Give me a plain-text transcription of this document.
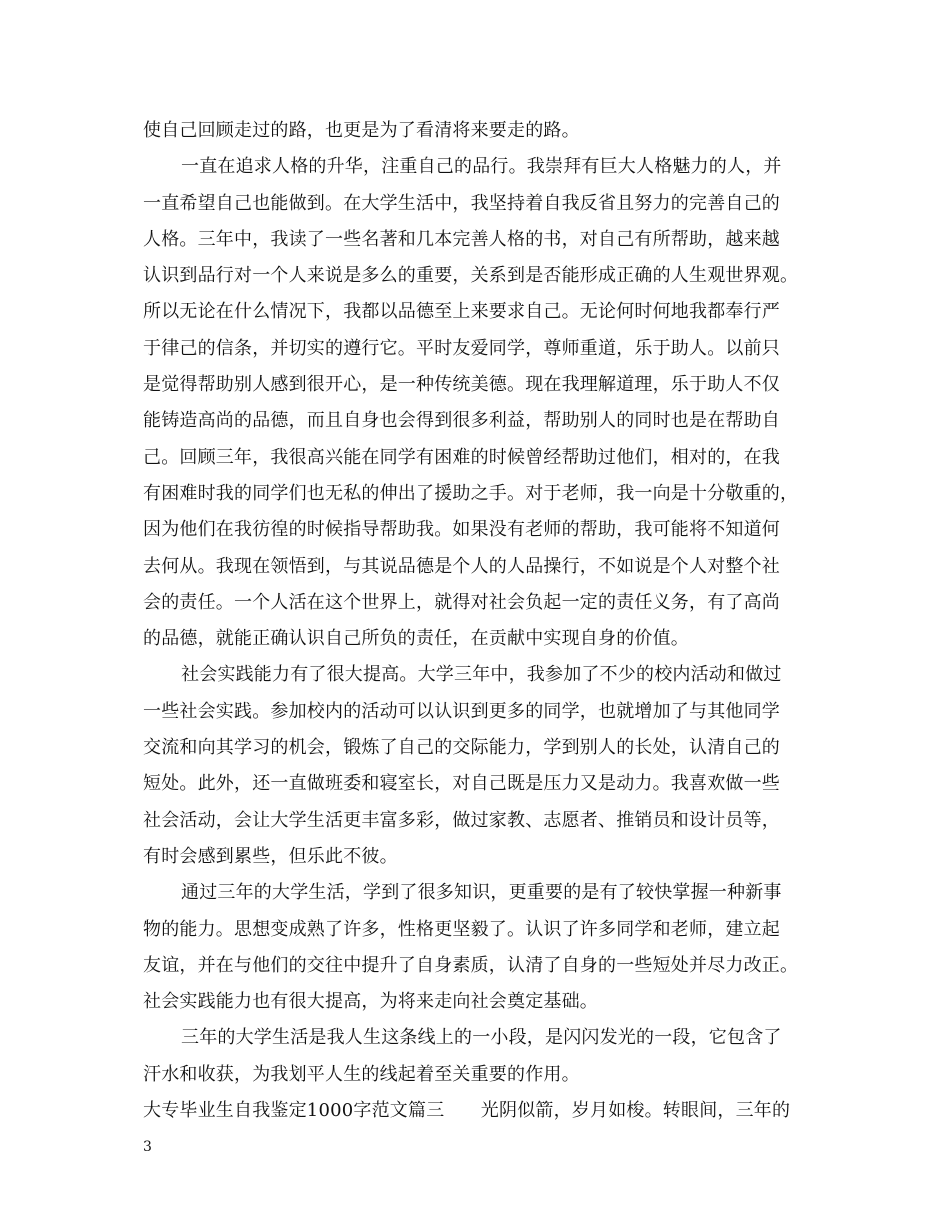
使自己回顾走过的路，也更是为了看清将来要走的路。
一直在追求人格的升华，注重自己的品行。我崇拜有巨大人格魅力的人，并
一直希望自己也能做到。在大学生活中，我坚持着自我反省且努力的完善自己的
人格。三年中，我读了一些名著和几本完善人格的书，对自己有所帮助，越来越
认识到品行对一个人来说是多么的重要，关系到是否能形成正确的人生观世界观。
所以无论在什么情况下，我都以品德至上来要求自己。无论何时何地我都奉行严
于律己的信条，并切实的遵行它。平时友爱同学，尊师重道，乐于助人。以前只
是觉得帮助别人感到很开心，是一种传统美德。现在我理解道理，乐于助人不仅
能铸造高尚的品德，而且自身也会得到很多利益，帮助别人的同时也是在帮助自
己。回顾三年，我很高兴能在同学有困难的时候曾经帮助过他们，相对的，在我
有困难时我的同学们也无私的伸出了援助之手。对于老师，我一向是十分敬重的，
因为他们在我彷徨的时候指导帮助我。如果没有老师的帮助，我可能将不知道何
去何从。我现在领悟到，与其说品德是个人的人品操行，不如说是个人对整个社
会的责任。一个人活在这个世界上，就得对社会负起一定的责任义务，有了高尚
的品德，就能正确认识自己所负的责任，在贡献中实现自身的价值。
社会实践能力有了很大提高。大学三年中，我参加了不少的校内活动和做过
一些社会实践。参加校内的活动可以认识到更多的同学，也就增加了与其他同学
交流和向其学习的机会，锻炼了自己的交际能力，学到别人的长处，认清自己的
短处。此外，还一直做班委和寝室长，对自己既是压力又是动力。我喜欢做一些
社会活动，会让大学生活更丰富多彩，做过家教、志愿者、推销员和设计员等，
有时会感到累些，但乐此不彼。
通过三年的大学生活，学到了很多知识，更重要的是有了较快掌握一种新事
物的能力。思想变成熟了许多，性格更坚毅了。认识了许多同学和老师，建立起
友谊，并在与他们的交往中提升了自身素质，认清了自身的一些短处并尽力改正。
社会实践能力也有很大提高，为将来走向社会奠定基础。
三年的大学生活是我人生这条线上的一小段，是闪闪发光的一段，它包含了
汗水和收获，为我划平人生的线起着至关重要的作用。
大专毕业生自我鉴定1000字范文篇三　　光阴似箭，岁月如梭。转眼间，三年的
3
